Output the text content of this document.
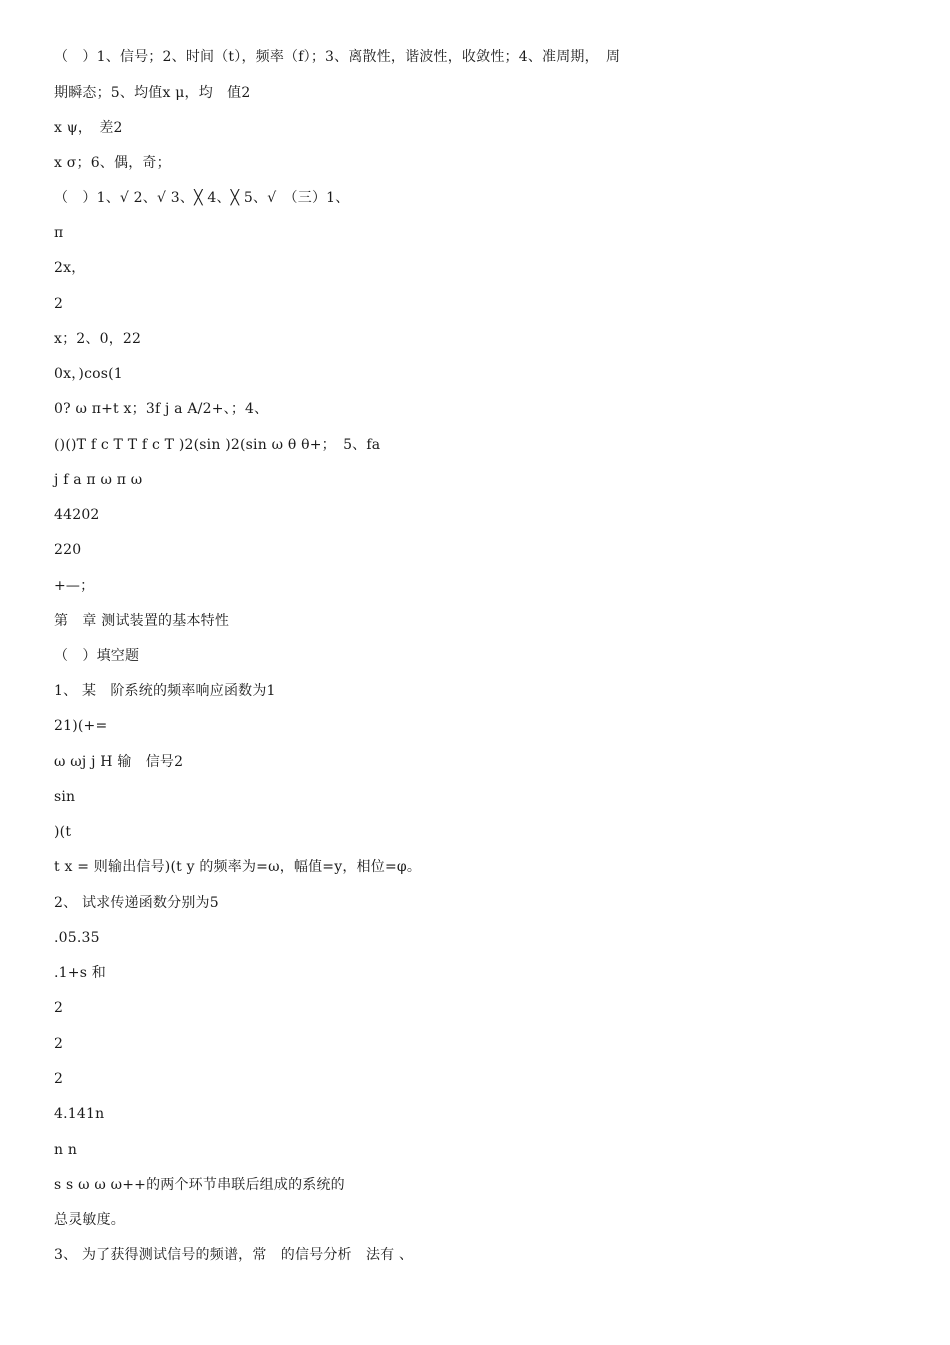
（　）1、信号；2、时间（t），频率（f）；3、离散性，谐波性，收敛性；4、准周期，　周
期瞬态；5、均值x μ，均　值2
x ψ，　差2
x σ；6、偶，奇；
（　）1、√ 2、√ 3、╳ 4、╳ 5、√　（三）1、
π
2x，
2
x；2、0，22
0x，)cos(1
0? ω π+t x；3f j a A/2+、；4、
()()T f c T T f c T )2(sin )2(sin ω θ θ+；　5、fa
j f a π ω π ω
44202
220
+—；
第　章 测试装置的基本特性
（　）填空题
1、 某　阶系统的频率响应函数为1
21)(+=
ω ωj j H 输　信号2
sin
)(t
t x = 则输出信号)(t y 的频率为=ω，幅值=y，相位=φ。
2、 试求传递函数分别为5
.05.35
.1+s 和
2
2
2
4.141n
n n
s s ω ω ω++的两个环节串联后组成的系统的
总灵敏度。
3、 为了获得测试信号的频谱，常　的信号分析　法有 、
